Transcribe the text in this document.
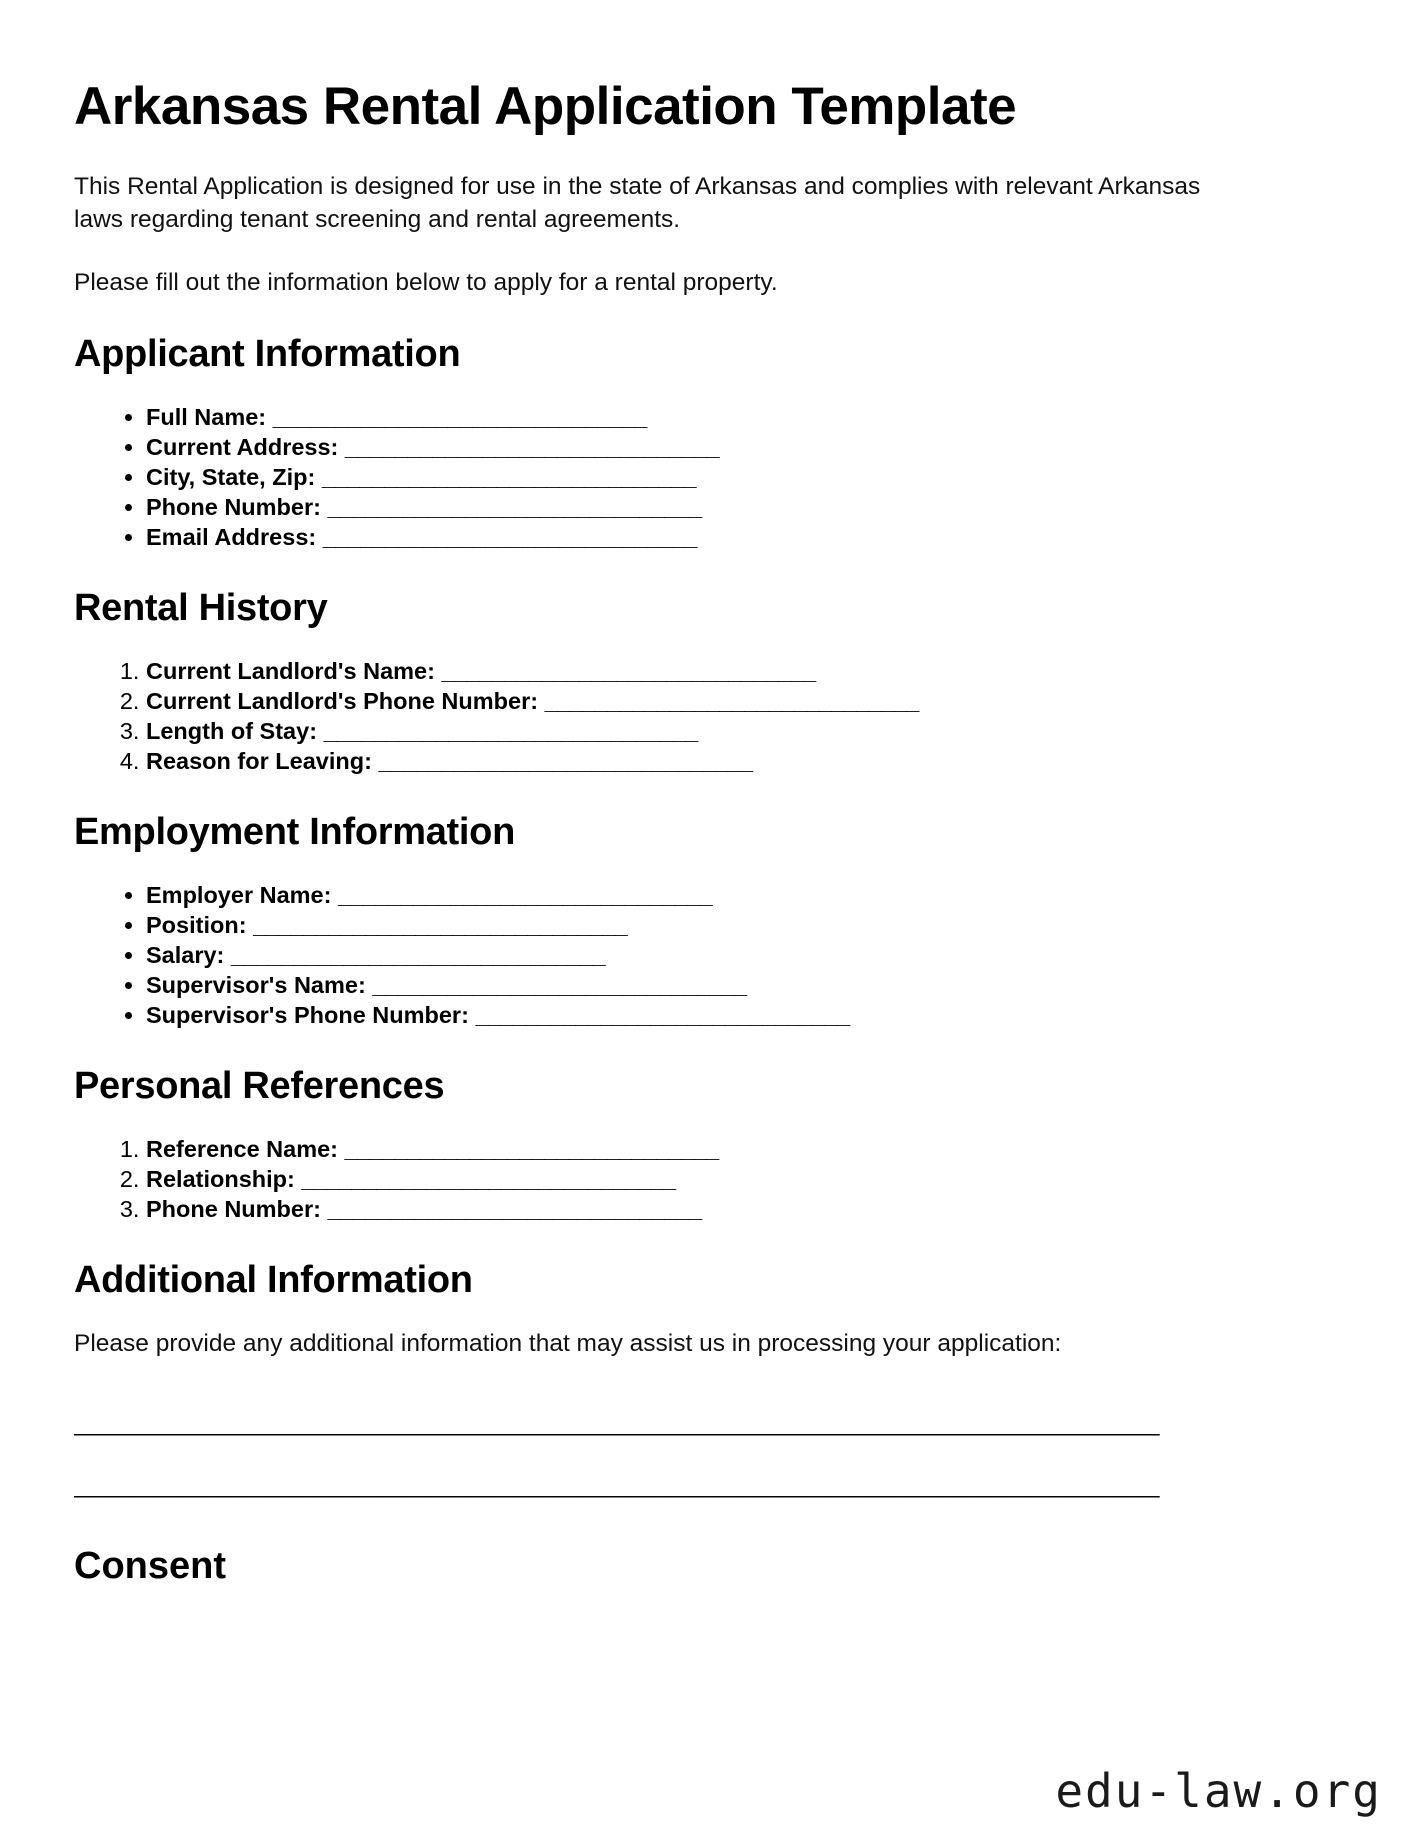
Arkansas Rental Application Template

This Rental Application is designed for use in the state of Arkansas and complies with relevant Arkansas laws regarding tenant screening and rental agreements.

Please fill out the information below to apply for a rental property.

Applicant Information
• Full Name: ______________________________
• Current Address: ______________________________
• City, State, Zip: ______________________________
• Phone Number: ______________________________
• Email Address: ______________________________
Rental History
1. Current Landlord's Name: ______________________________
2. Current Landlord's Phone Number: ______________________________
3. Length of Stay: ______________________________
4. Reason for Leaving: ______________________________
Employment Information
• Employer Name: ______________________________
• Position: ______________________________
• Salary: ______________________________
• Supervisor's Name: ______________________________
• Supervisor's Phone Number: ______________________________
Personal References
1. Reference Name: ______________________________
2. Relationship: ______________________________
3. Phone Number: ______________________________
Additional Information

Please provide any additional information that may assist us in processing your application:

_______________________________________________________________________________________
_______________________________________________________________________________________
Consent
edu-law.org
